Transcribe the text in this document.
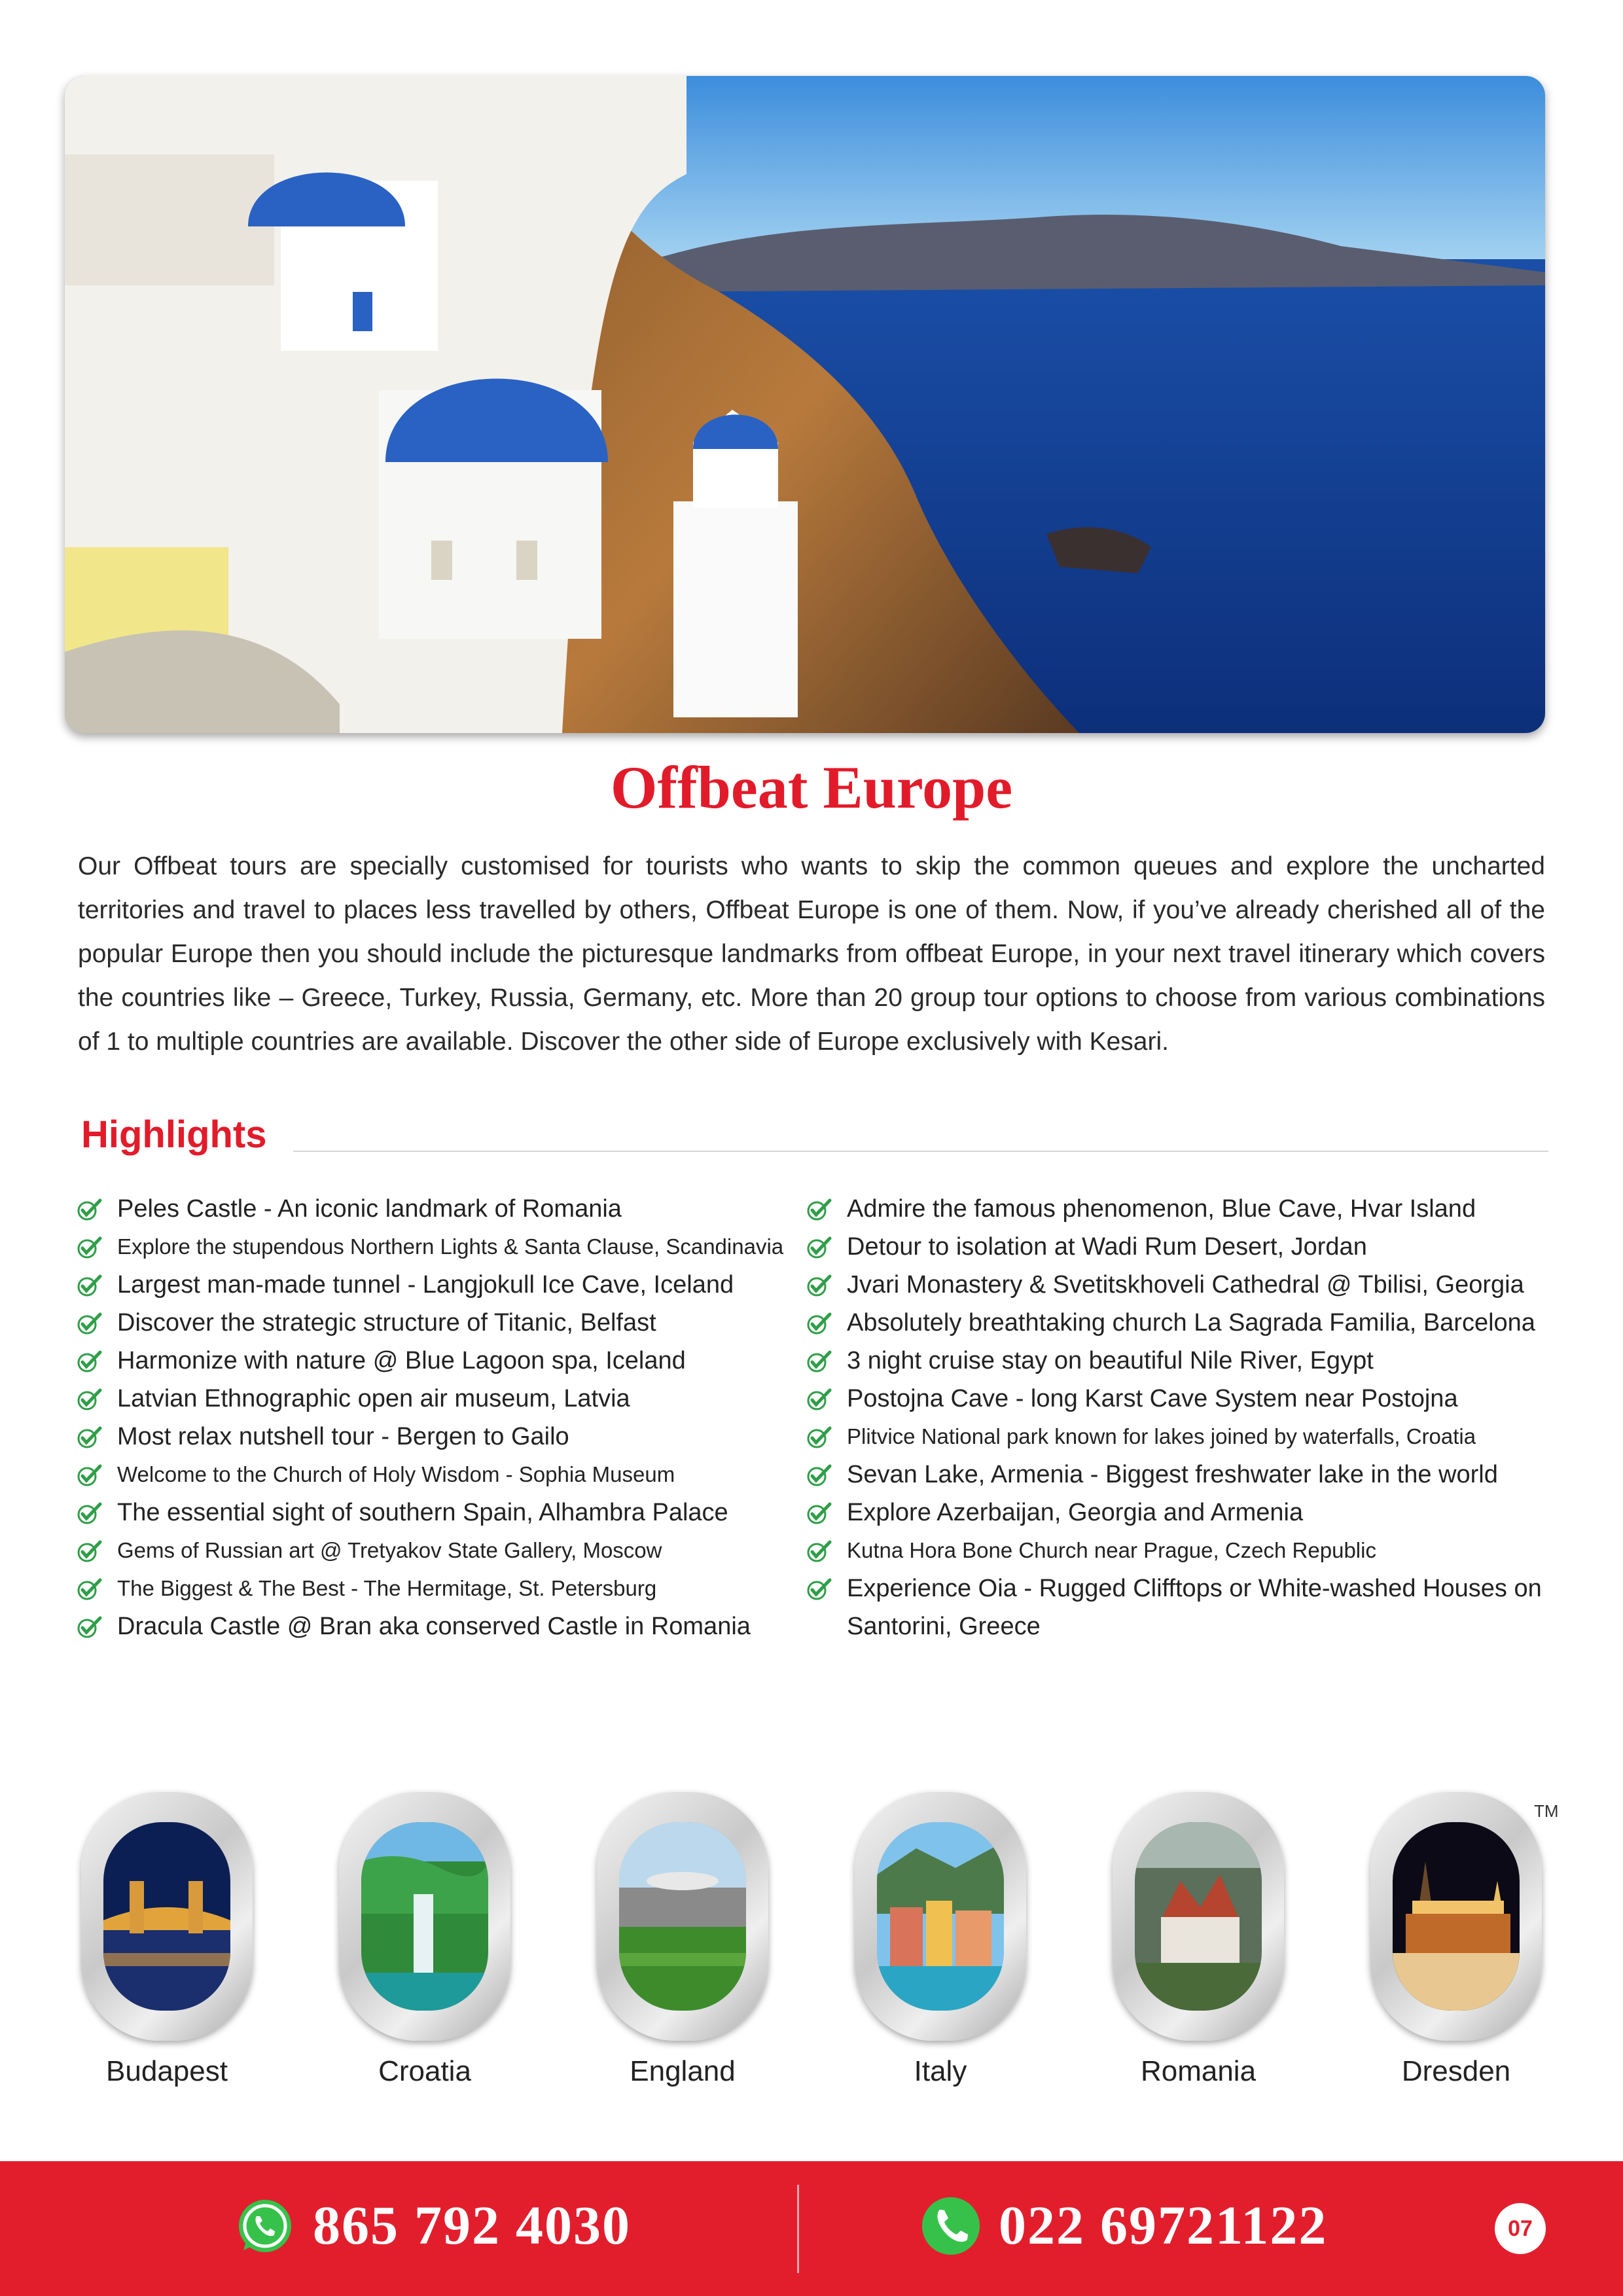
Offbeat Europe

Our Offbeat tours are specially customised for tourists who wants to skip the common queues and explore the uncharted territories and travel to places less travelled by others, Offbeat Europe is one of them. Now, if you’ve already cherished all of the popular Europe then you should include the picturesque landmarks from offbeat Europe, in your next travel itinerary which covers the countries like – Greece, Turkey, Russia, Germany, etc. More than 20 group tour options to choose from various combinations of 1 to multiple countries are available. Discover the other side of Europe exclusively with Kesari.

Highlights
Peles Castle - An iconic landmark of Romania
Explore the stupendous Northern Lights & Santa Clause, Scandinavia
Largest man-made tunnel - Langjokull Ice Cave, Iceland
Discover the strategic structure of Titanic, Belfast
Harmonize with nature @ Blue Lagoon spa, Iceland
Latvian Ethnographic open air museum, Latvia
Most relax nutshell tour - Bergen to Gailo
Welcome to the Church of Holy Wisdom - Sophia Museum
The essential sight of southern Spain, Alhambra Palace
Gems of Russian art @ Tretyakov State Gallery, Moscow
The Biggest & The Best - The Hermitage, St. Petersburg
Dracula Castle @ Bran aka conserved Castle in Romania
Admire the famous phenomenon, Blue Cave, Hvar Island
Detour to isolation at Wadi Rum Desert, Jordan
Jvari Monastery & Svetitskhoveli Cathedral @ Tbilisi, Georgia
Absolutely breathtaking church La Sagrada Familia, Barcelona
3 night cruise stay on beautiful Nile River, Egypt
Postojna Cave - long Karst Cave System near Postojna
Plitvice National park known for lakes joined by waterfalls, Croatia
Sevan Lake, Armenia - Biggest freshwater lake in the world
Explore Azerbaijan, Georgia and Armenia
Kutna Hora Bone Church near Prague, Czech Republic
Experience Oia - Rugged Clifftops or White-washed Houses on Santorini, Greece
Budapest	Croatia	England	Italy	Romania	Dresden
TM
865 792 4030	022 69721122	07
